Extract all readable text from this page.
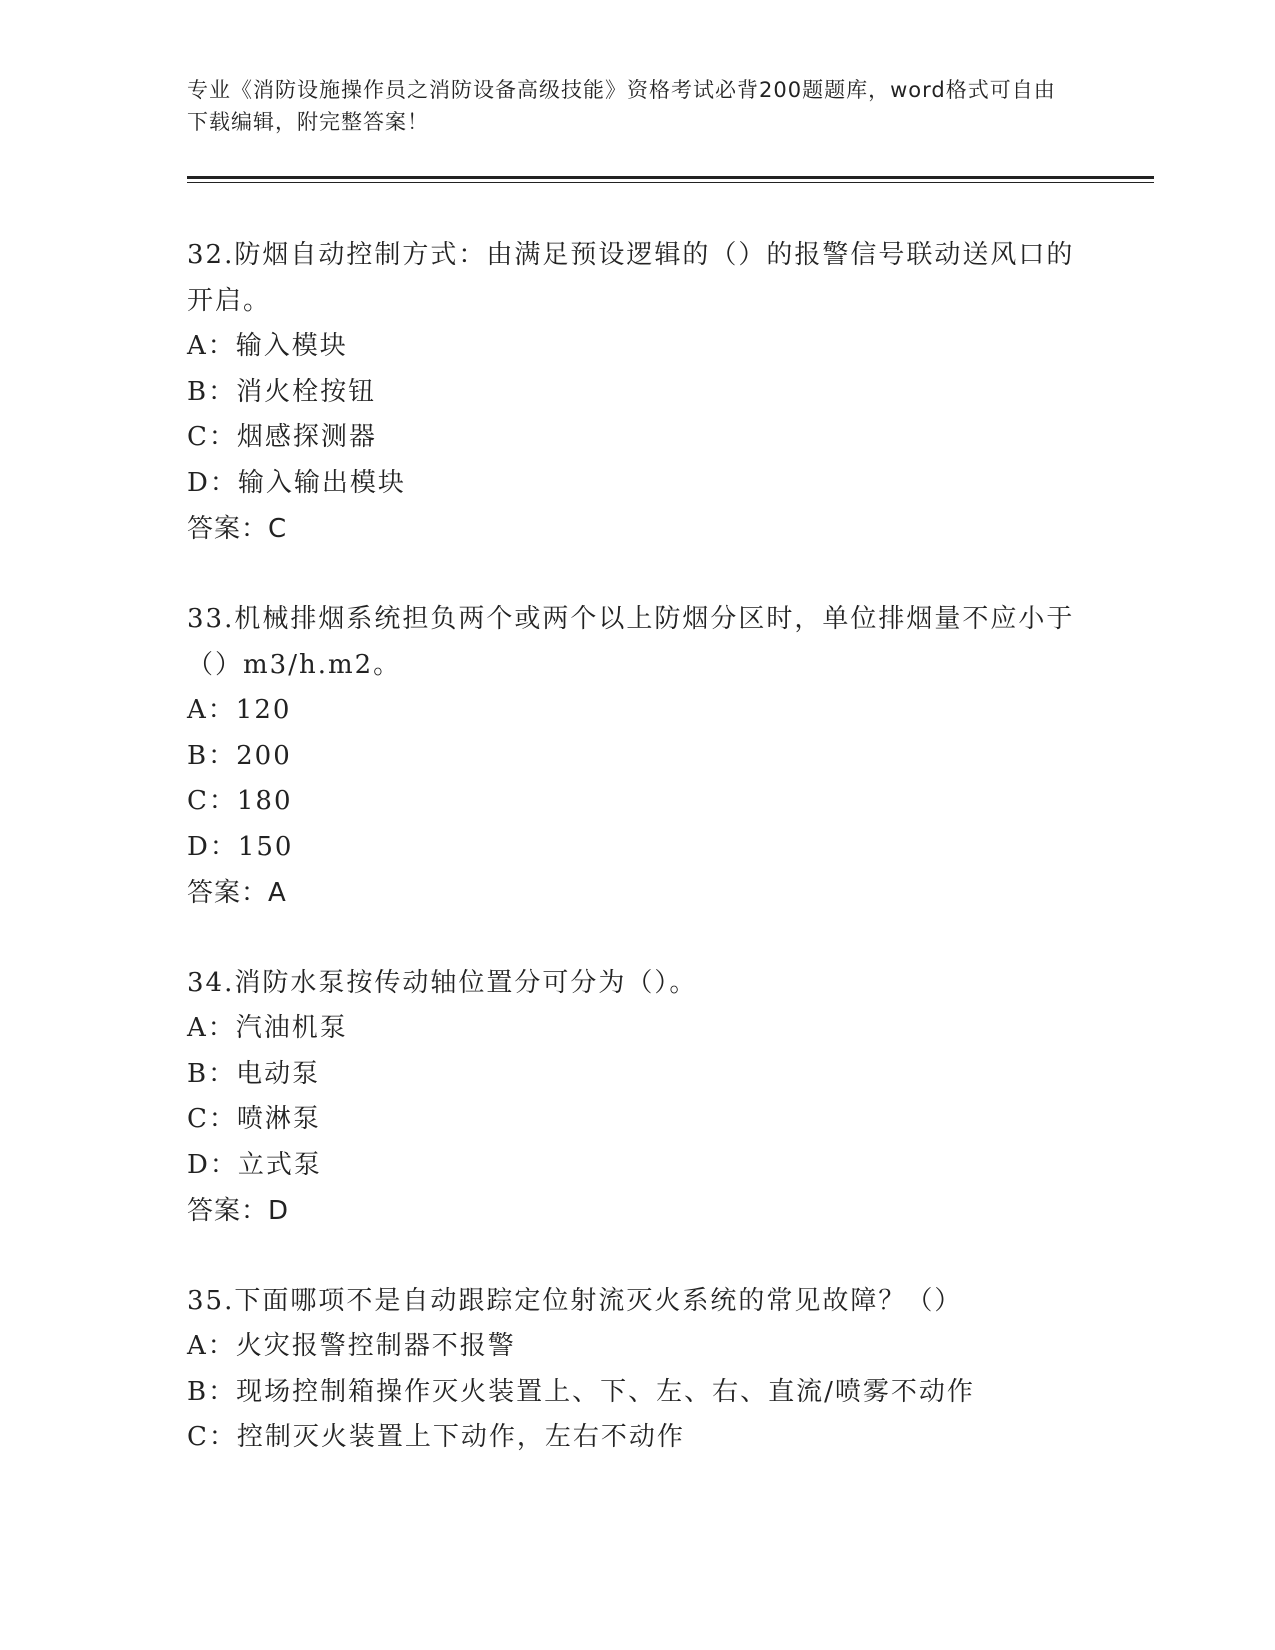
专业《消防设施操作员之消防设备高级技能》资格考试必背200题题库，word格式可自由下载编辑，附完整答案！

32.防烟自动控制方式：由满足预设逻辑的（）的报警信号联动送风口的开启。

A：输入模块

B：消火栓按钮

C：烟感探测器

D：输入输出模块

答案：C

33.机械排烟系统担负两个或两个以上防烟分区时，单位排烟量不应小于（）m3/h.m2。

A：120

B：200

C：180

D：150

答案：A

34.消防水泵按传动轴位置分可分为（）。

A：汽油机泵

B：电动泵

C：喷淋泵

D：立式泵

答案：D

35.下面哪项不是自动跟踪定位射流灭火系统的常见故障？（）

A：火灾报警控制器不报警

B：现场控制箱操作灭火装置上、下、左、右、直流/喷雾不动作

C：控制灭火装置上下动作，左右不动作
